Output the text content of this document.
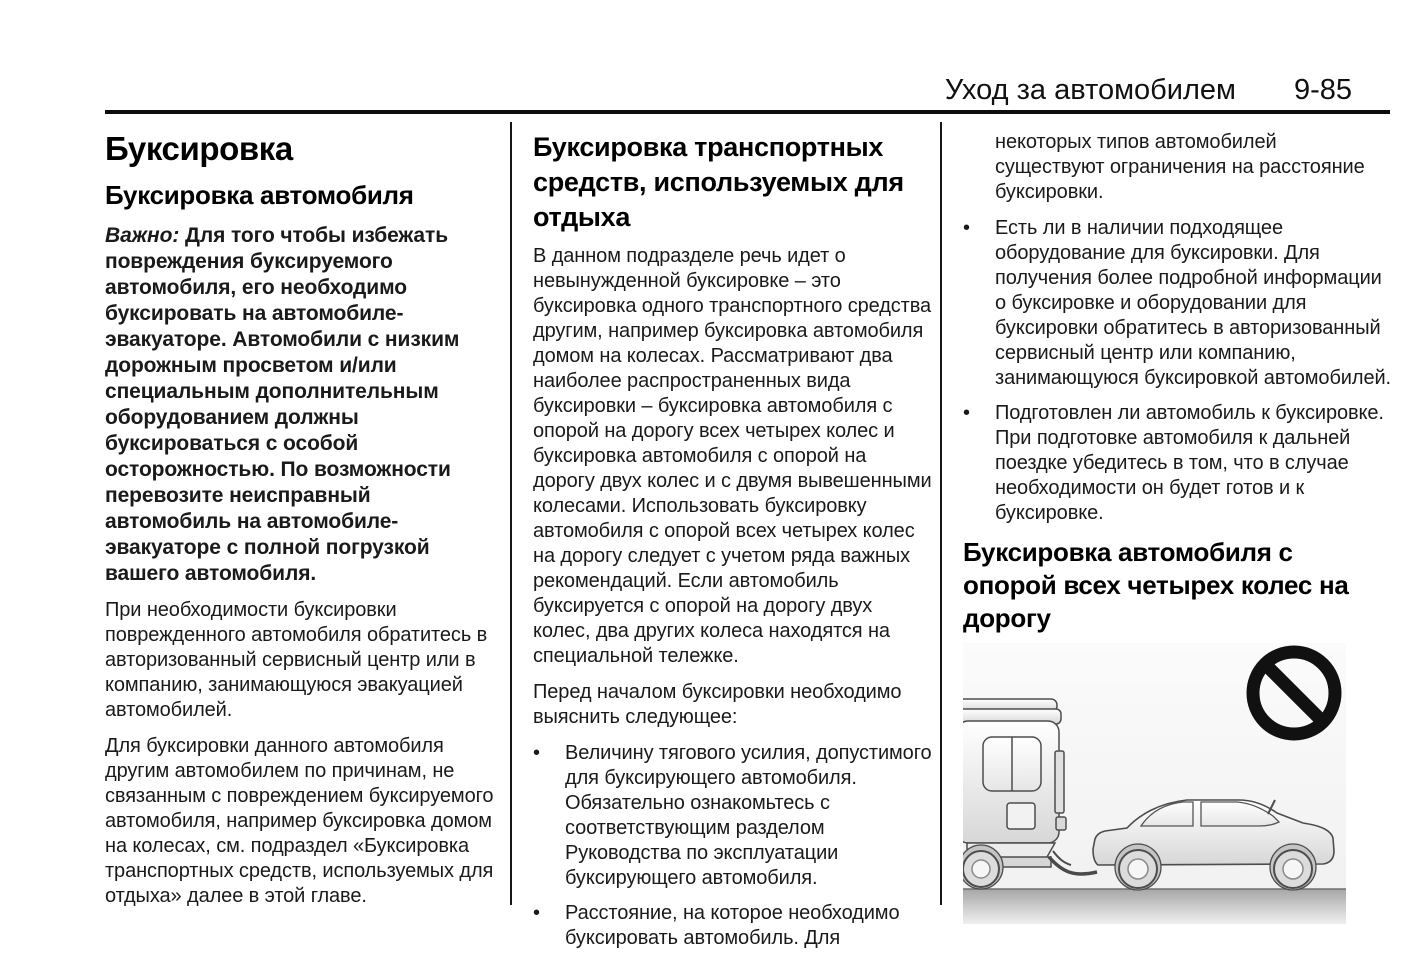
Уход за автомобилем 9-85
Буксировка
Буксировка автомобиля

Важно: Для того чтобы избежать повреждения буксируемого автомобиля, его необходимо буксировать на автомобиле-эвакуаторе. Автомобили с низким дорожным просветом и/или специальным дополнительным оборудованием должны буксироваться с особой осторожностью. По возможности перевозите неисправный автомобиль на автомобиле-эвакуаторе с полной погрузкой вашего автомобиля.

При необходимости буксировки поврежденного автомобиля обратитесь в авторизованный сервисный центр или в компанию, занимающуюся эвакуацией автомобилей.

Для буксировки данного автомобиля другим автомобилем по причинам, не связанным с повреждением буксируемого автомобиля, например буксировка домом на колесах, см. подраздел «Буксировка транспортных средств, используемых для отдыха» далее в этой главе.

Буксировка транспортных средств, используемых для отдыха

В данном подразделе речь идет о невынужденной буксировке – это буксировка одного транспортного средства другим, например буксировка автомобиля домом на колесах. Рассматривают два наиболее распространенных вида буксировки – буксировка автомобиля с опорой на дорогу всех четырех колес и буксировка автомобиля с опорой на дорогу двух колес и с двумя вывешенными колесами. Использовать буксировку автомобиля с опорой всех четырех колес на дорогу следует с учетом ряда важных рекомендаций. Если автомобиль буксируется с опорой на дорогу двух колес, два других колеса находятся на специальной тележке.

Перед началом буксировки необходимо выяснить следующее:

•	Величину тягового усилия, допустимого для буксирующего автомобиля. Обязательно ознакомьтесь с соответствующим разделом Руководства по эксплуатации буксирующего автомобиля.
•	Расстояние, на которое необходимо буксировать автомобиль. Для

некоторых типов автомобилей существуют ограничения на расстояние буксировки.

•	Есть ли в наличии подходящее оборудование для буксировки. Для получения более подробной информации о буксировке и оборудовании для буксировки обратитесь в авторизованный сервисный центр или компанию, занимающуюся буксировкой автомобилей.
•	Подготовлен ли автомобиль к буксировке. При подготовке автомобиля к дальней поездке убедитесь в том, что в случае необходимости он будет готов и к буксировке.
Буксировка автомобиля с опорой всех четырех колес на дорогу
